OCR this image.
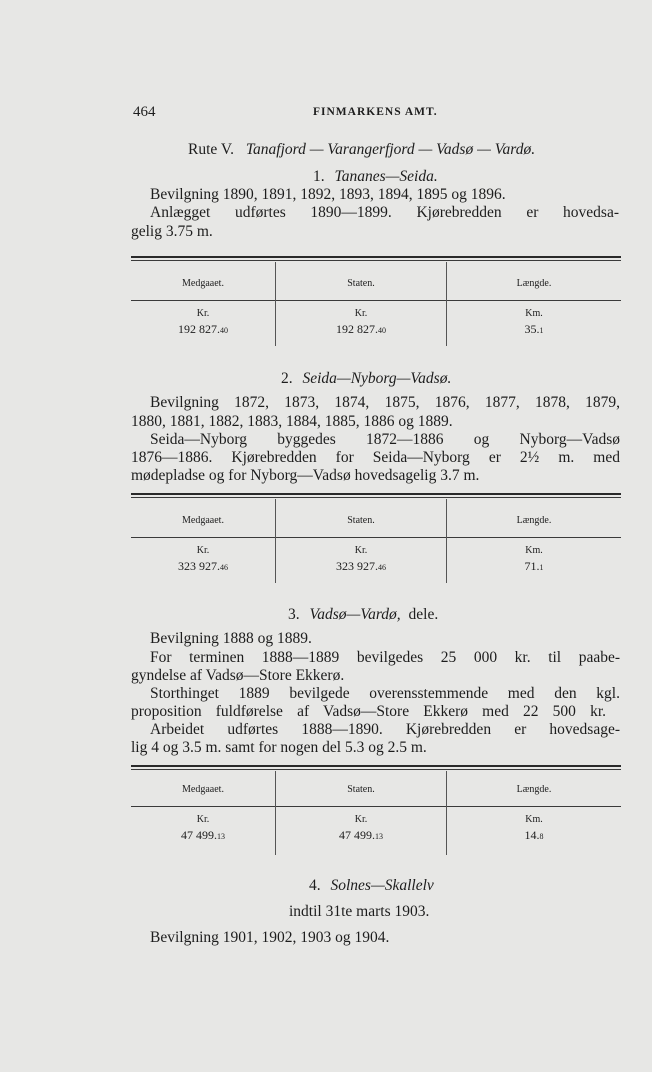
464	FINMARKENS AMT.
Rute V. Tanafjord — Varangerfjord — Vadsø — Vardø.
1. Tananes—Seida.
Bevilgning 1890, 1891, 1892, 1893, 1894, 1895 og 1896.
Anlægget udførtes 1890—1899. Kjørebredden er hovedsa-
gelig 3.75 m.
Medgaaet.	Staten.	Længde.
Kr.	Kr.	Km.
192 827.40	192 827.40	35.1
2. Seida—Nyborg—Vadsø.
Bevilgning 1872, 1873, 1874, 1875, 1876, 1877, 1878, 1879,
1880, 1881, 1882, 1883, 1884, 1885, 1886 og 1889.
Seida—Nyborg byggedes 1872—1886 og Nyborg—Vadsø
1876—1886. Kjørebredden for Seida—Nyborg er 2½ m. med
mødepladse og for Nyborg—Vadsø hovedsagelig 3.7 m.
Medgaaet.	Staten.	Længde.
Kr.	Kr.	Km.
323 927.46	323 927.46	71.1
3. Vadsø—Vardø, dele.
Bevilgning 1888 og 1889.
For terminen 1888—1889 bevilgedes 25 000 kr. til paabe-
gyndelse af Vadsø—Store Ekkerø.
Storthinget 1889 bevilgede overensstemmende med den kgl.
proposition fuldførelse af Vadsø—Store Ekkerø med 22 500 kr.
Arbeidet udførtes 1888—1890. Kjørebredden er hovedsage-
lig 4 og 3.5 m. samt for nogen del 5.3 og 2.5 m.
Medgaaet.	Staten.	Længde.
Kr.	Kr.	Km.
47 499.13	47 499.13	14.8
4. Solnes—Skallelv
indtil 31te marts 1903.
Bevilgning 1901, 1902, 1903 og 1904.
